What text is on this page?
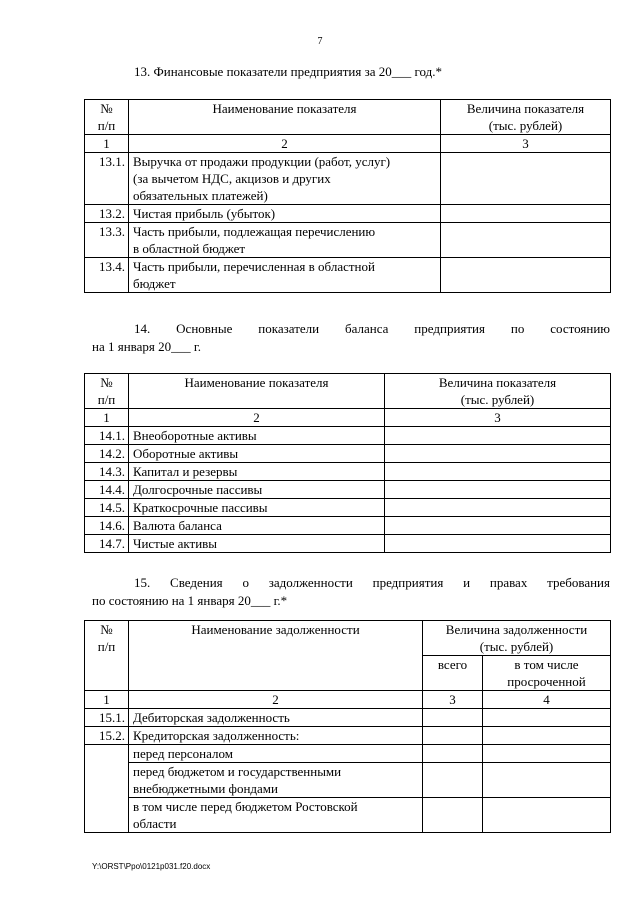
7
13. Финансовые показатели предприятия за 20___ год.*
№
п/п	Наименование показателя	Величина показателя
(тыс. рублей)
1	2	3
13.1.	Выручка от продажи продукции (работ, услуг)
(за вычетом НДС, акцизов и других
обязательных платежей)	
13.2.	Чистая прибыль (убыток)	
13.3.	Часть прибыли, подлежащая перечислению
в областной бюджет	
13.4.	Часть прибыли, перечисленная в областной
бюджет	
14. Основные показатели баланса предприятия по состоянию
на 1 января 20___ г.
№
п/п	Наименование показателя	Величина показателя
(тыс. рублей)
1	2	3
14.1.	Внеоборотные активы	
14.2.	Оборотные активы	
14.3.	Капитал и резервы	
14.4.	Долгосрочные пассивы	
14.5.	Краткосрочные пассивы	
14.6.	Валюта баланса	
14.7.	Чистые активы	
15. Сведения о задолженности предприятия и правах требования
по состоянию на 1 января 20___ г.*
№
п/п	Наименование задолженности	Величина задолженности
(тыс. рублей)	
		всего	в том числе
просроченной
1	2	3	4
15.1.	Дебиторская задолженность		
15.2.	Кредиторская задолженность:		
	перед персоналом		
	перед бюджетом и государственными
внебюджетными фондами		
	в том числе перед бюджетом Ростовской
области		
Y:\ORST\Ppo\0121p031.f20.docx
